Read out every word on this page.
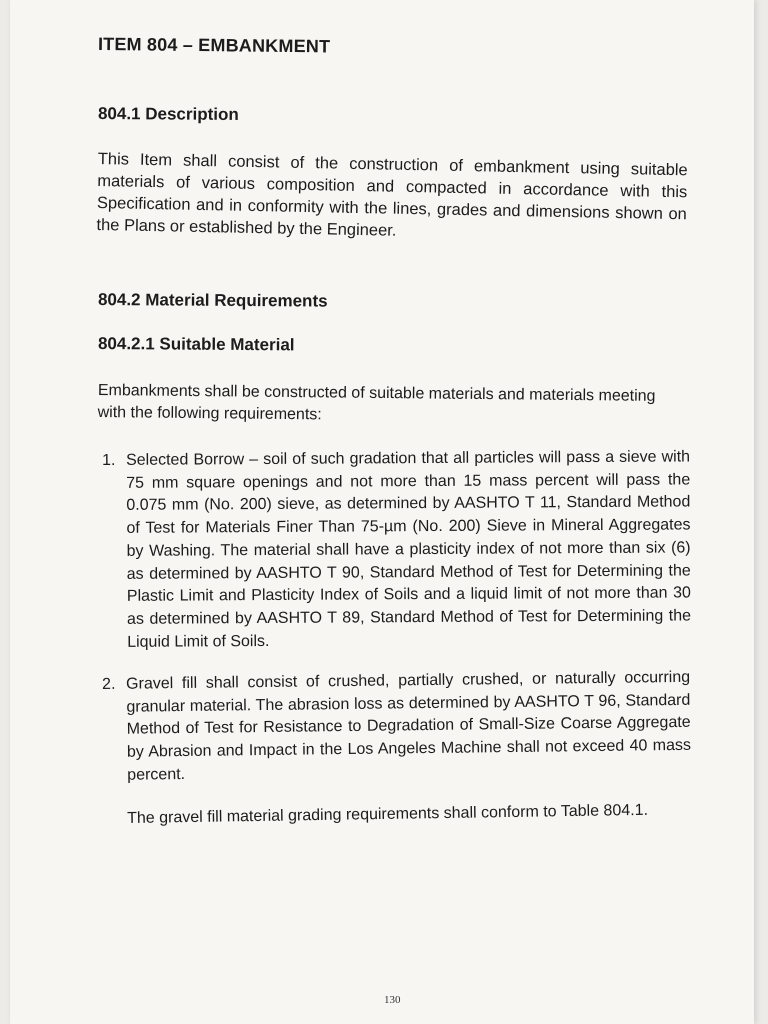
ITEM 804 – EMBANKMENT
804.1 Description
This Item shall consist of the construction of embankment using suitable materials of various composition and compacted in accordance with this Specification and in conformity with the lines, grades and dimensions shown on the Plans or established by the Engineer.
804.2 Material Requirements
804.2.1 Suitable Material
Embankments shall be constructed of suitable materials and materials meeting with the following requirements:
1. Selected Borrow – soil of such gradation that all particles will pass a sieve with 75 mm square openings and not more than 15 mass percent will pass the 0.075 mm (No. 200) sieve, as determined by AASHTO T 11, Standard Method of Test for Materials Finer Than 75-µm (No. 200) Sieve in Mineral Aggregates by Washing. The material shall have a plasticity index of not more than six (6) as determined by AASHTO T 90, Standard Method of Test for Determining the Plastic Limit and Plasticity Index of Soils and a liquid limit of not more than 30 as determined by AASHTO T 89, Standard Method of Test for Determining the Liquid Limit of Soils.
2. Gravel fill shall consist of crushed, partially crushed, or naturally occurring granular material. The abrasion loss as determined by AASHTO T 96, Standard Method of Test for Resistance to Degradation of Small-Size Coarse Aggregate by Abrasion and Impact in the Los Angeles Machine shall not exceed 40 mass percent.
The gravel fill material grading requirements shall conform to Table 804.1.
130
